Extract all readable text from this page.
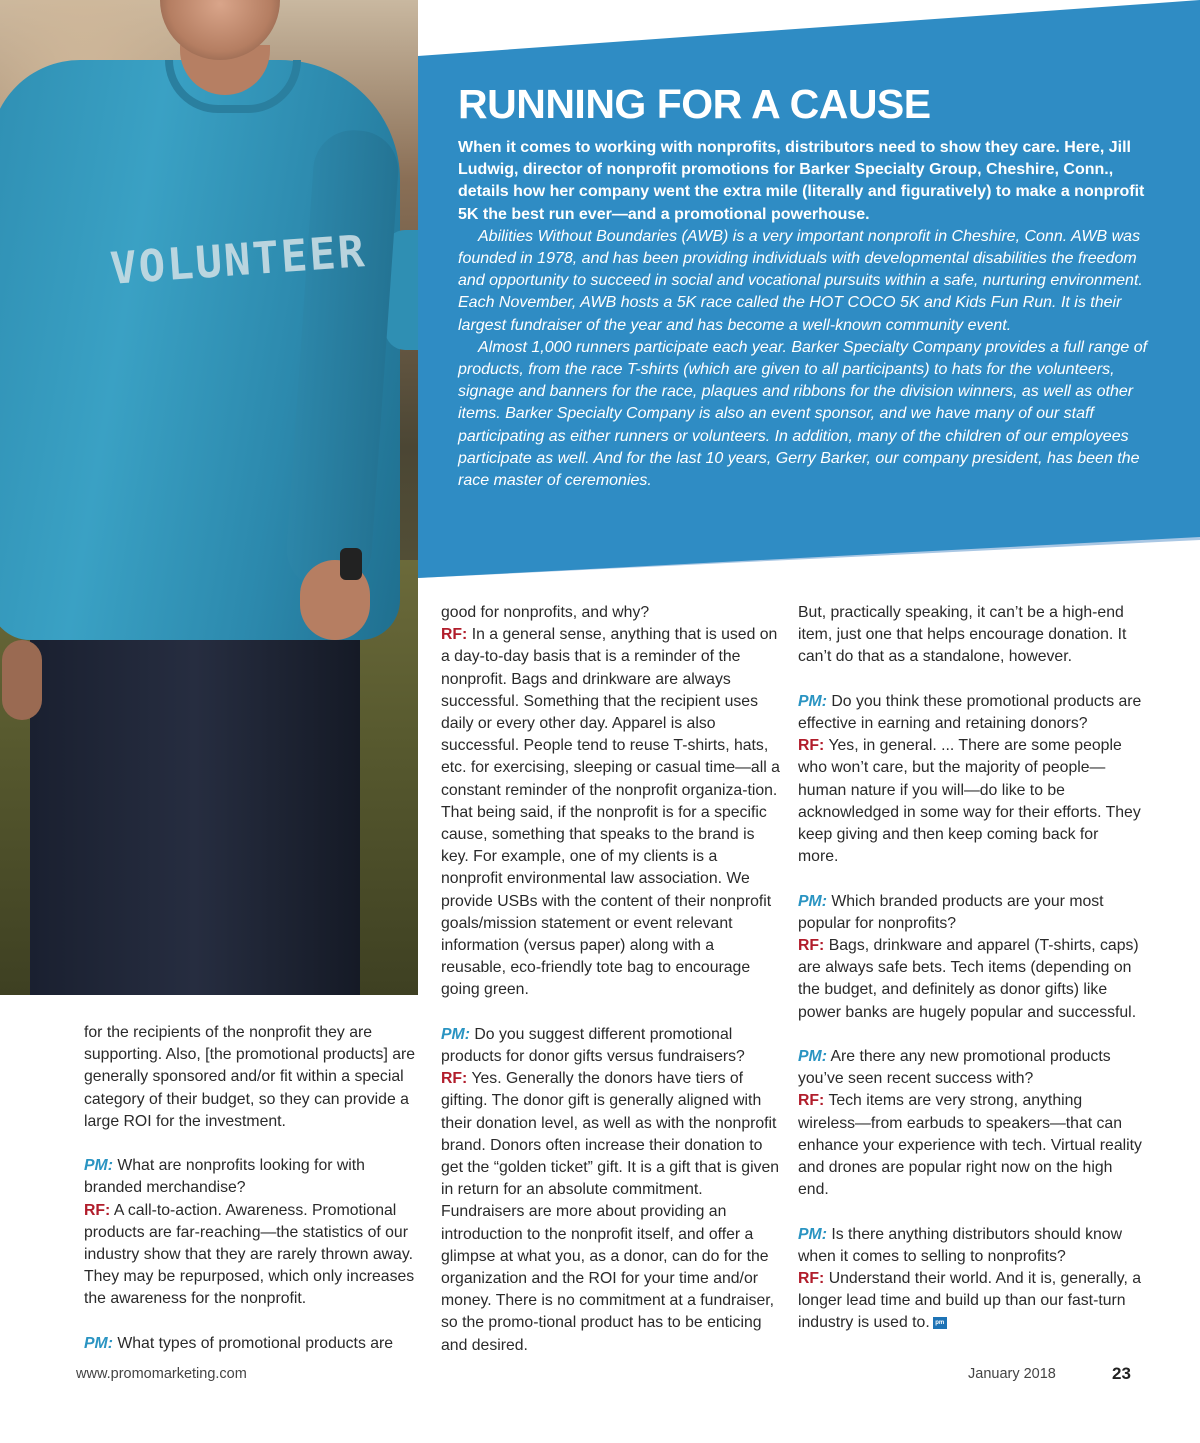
VOLUNTEER
RUNNING FOR A CAUSE

When it comes to working with nonprofits, distributors need to show they care. Here, Jill Ludwig, director of nonprofit promotions for Barker Specialty Group, Cheshire, Conn., details how her company went the extra mile (literally and figuratively) to make a nonprofit 5K the best run ever—and a promotional powerhouse.

Abilities Without Boundaries (AWB) is a very important nonprofit in Cheshire, Conn. AWB was founded in 1978, and has been providing individuals with developmental disabilities the freedom and opportunity to succeed in social and vocational pursuits within a safe, nurturing environment. Each November, AWB hosts a 5K race called the HOT COCO 5K and Kids Fun Run. It is their largest fundraiser of the year and has become a well-known community event.

Almost 1,000 runners participate each year. Barker Specialty Company provides a full range of products, from the race T-shirts (which are given to all participants) to hats for the volunteers, signage and banners for the race, plaques and ribbons for the division winners, as well as other items. Barker Specialty Company is also an event sponsor, and we have many of our staff participating as either runners or volunteers. In addition, many of the children of our employees participate as well. And for the last 10 years, Gerry Barker, our company president, has been the race master of ceremonies.

for the recipients of the nonprofit they are supporting. Also, [the promotional products] are generally sponsored and/or fit within a special category of their budget, so they can provide a large ROI for the investment.

PM: What are nonprofits looking for with branded merchandise?

RF: A call-to-action. Awareness. Promotional products are far-reaching—the statistics of our industry show that they are rarely thrown away. They may be repurposed, which only increases the awareness for the nonprofit.

PM: What types of promotional products are

good for nonprofits, and why?

RF: In a general sense, anything that is used on a day-to-day basis that is a reminder of the nonprofit. Bags and drinkware are always successful. Something that the recipient uses daily or every other day. Apparel is also successful. People tend to reuse T-shirts, hats, etc. for exercising, sleeping or casual time—all a constant reminder of the nonprofit organiza-tion. That being said, if the nonprofit is for a specific cause, something that speaks to the brand is key. For example, one of my clients is a nonprofit environmental law association. We provide USBs with the content of their nonprofit goals/mission statement or event relevant information (versus paper) along with a reusable, eco-friendly tote bag to encourage going green.

PM: Do you suggest different promotional products for donor gifts versus fundraisers?

RF: Yes. Generally the donors have tiers of gifting. The donor gift is generally aligned with their donation level, as well as with the nonprofit brand. Donors often increase their donation to get the “golden ticket” gift. It is a gift that is given in return for an absolute commitment. Fundraisers are more about providing an introduction to the nonprofit itself, and offer a glimpse at what you, as a donor, can do for the organization and the ROI for your time and/or money. There is no commitment at a fundraiser, so the promo-tional product has to be enticing and desired.

But, practically speaking, it can’t be a high-end item, just one that helps encourage donation. It can’t do that as a standalone, however.

PM: Do you think these promotional products are effective in earning and retaining donors?

RF: Yes, in general. ... There are some people who won’t care, but the majority of people—human nature if you will—do like to be acknowledged in some way for their efforts. They keep giving and then keep coming back for more.

PM: Which branded products are your most popular for nonprofits?

RF: Bags, drinkware and apparel (T-shirts, caps) are always safe bets. Tech items (depending on the budget, and definitely as donor gifts) like power banks are hugely popular and successful.

PM: Are there any new promotional products you’ve seen recent success with?

RF: Tech items are very strong, anything wireless—from earbuds to speakers—that can enhance your experience with tech. Virtual reality and drones are popular right now on the high end.

PM: Is there anything distributors should know when it comes to selling to nonprofits?

RF: Understand their world. And it is, generally, a longer lead time and build up than our fast-turn industry is used to. pm

www.promomarketing.com	January 2018	23
